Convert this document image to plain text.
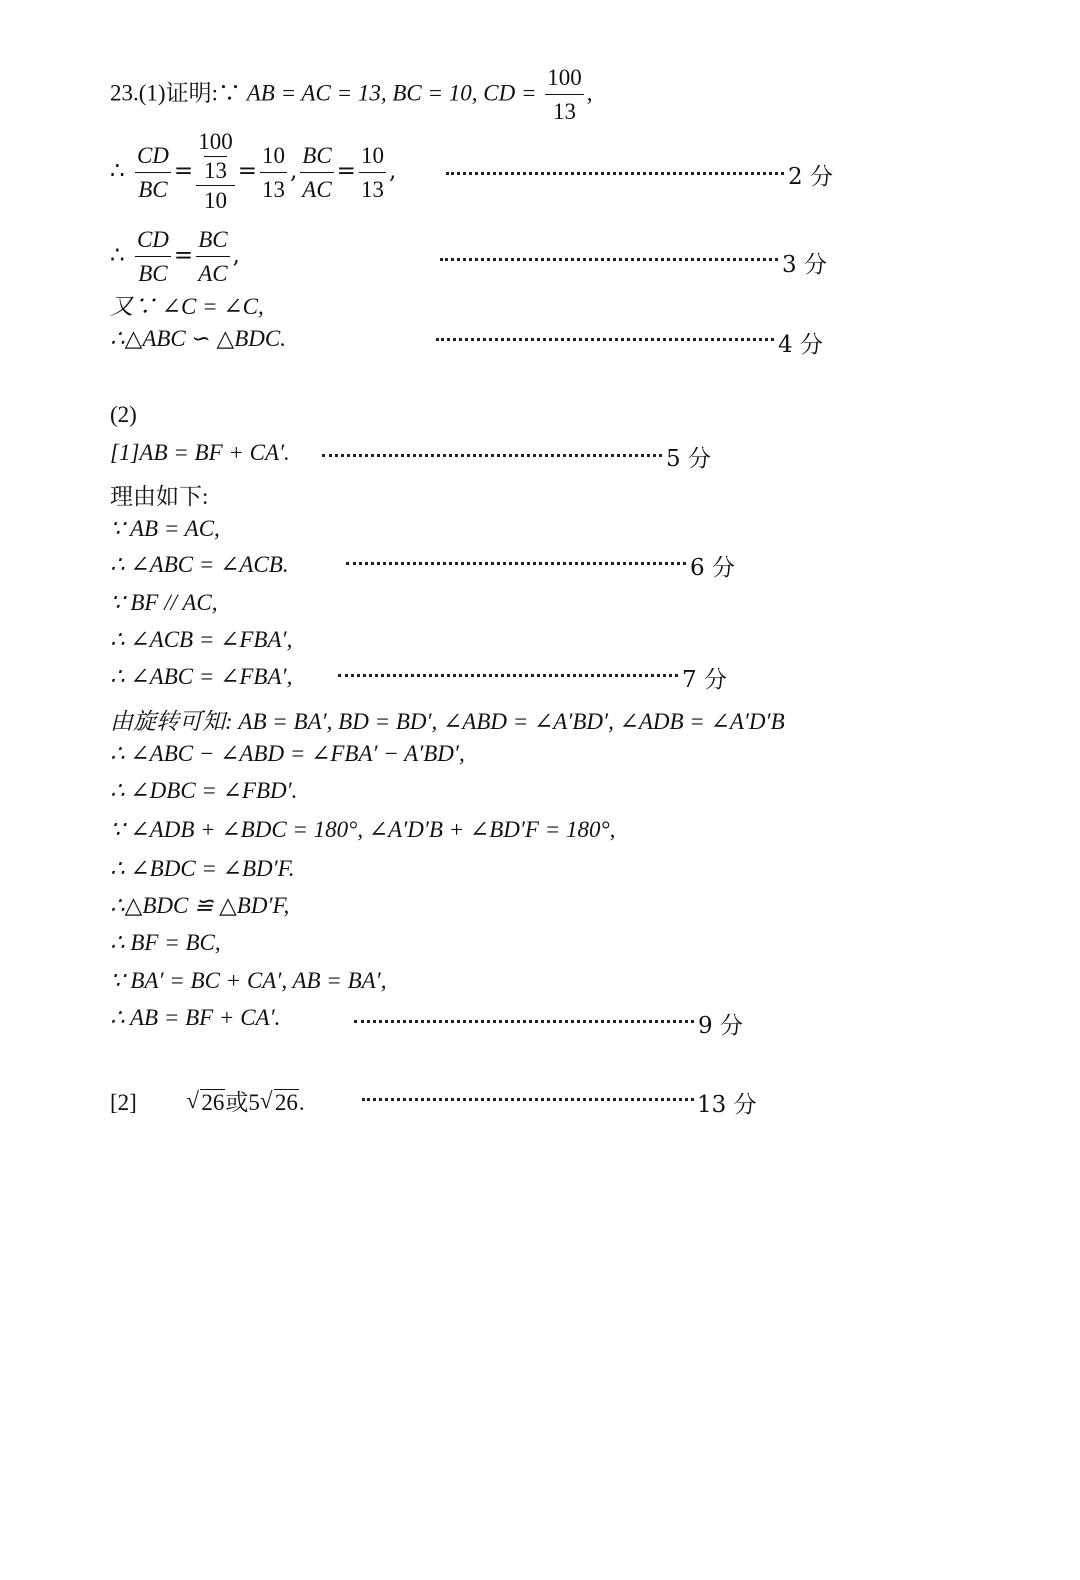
23.(1)证明:∵ AB = AC = 13, BC = 10, CD = $\frac{100}{13}$ ,
∴ $\frac{CD}{BC} = 100$
13
$10 = \frac{10}{13}$ , $\frac{BC}{AC} = \frac{10}{13}$ ,	2 分
∴ $\frac{CD}{BC} = \frac{BC}{AC}$ ,	3 分
又∵ ∠C = ∠C,
∴△ABC ∽ △BDC.	4 分
(2)
[1]AB = BF + CA′.	5 分
理由如下:
∵ AB = AC,
∴ ∠ABC = ∠ACB.	6 分
∵ BF // AC,
∴ ∠ACB = ∠FBA′,
∴ ∠ABC = ∠FBA′,	7 分
由旋转可知: AB = BA′, BD = BD′, ∠ABD = ∠A′BD′, ∠ADB = ∠A′D′B
∴ ∠ABC − ∠ABD = ∠FBA′ − A′BD′,
∴ ∠DBC = ∠FBD′.
∵ ∠ADB + ∠BDC = 180°, ∠A′D′B + ∠BD′F = 180°,
∴ ∠BDC = ∠BD′F.
∴△BDC ≌ △BD′F,
∴ BF = BC,
∵ BA′ = BC + CA′, AB = BA′,
∴ AB = BF + CA′.	9 分
[2]	√ 26或5 √ 26.	13 分
